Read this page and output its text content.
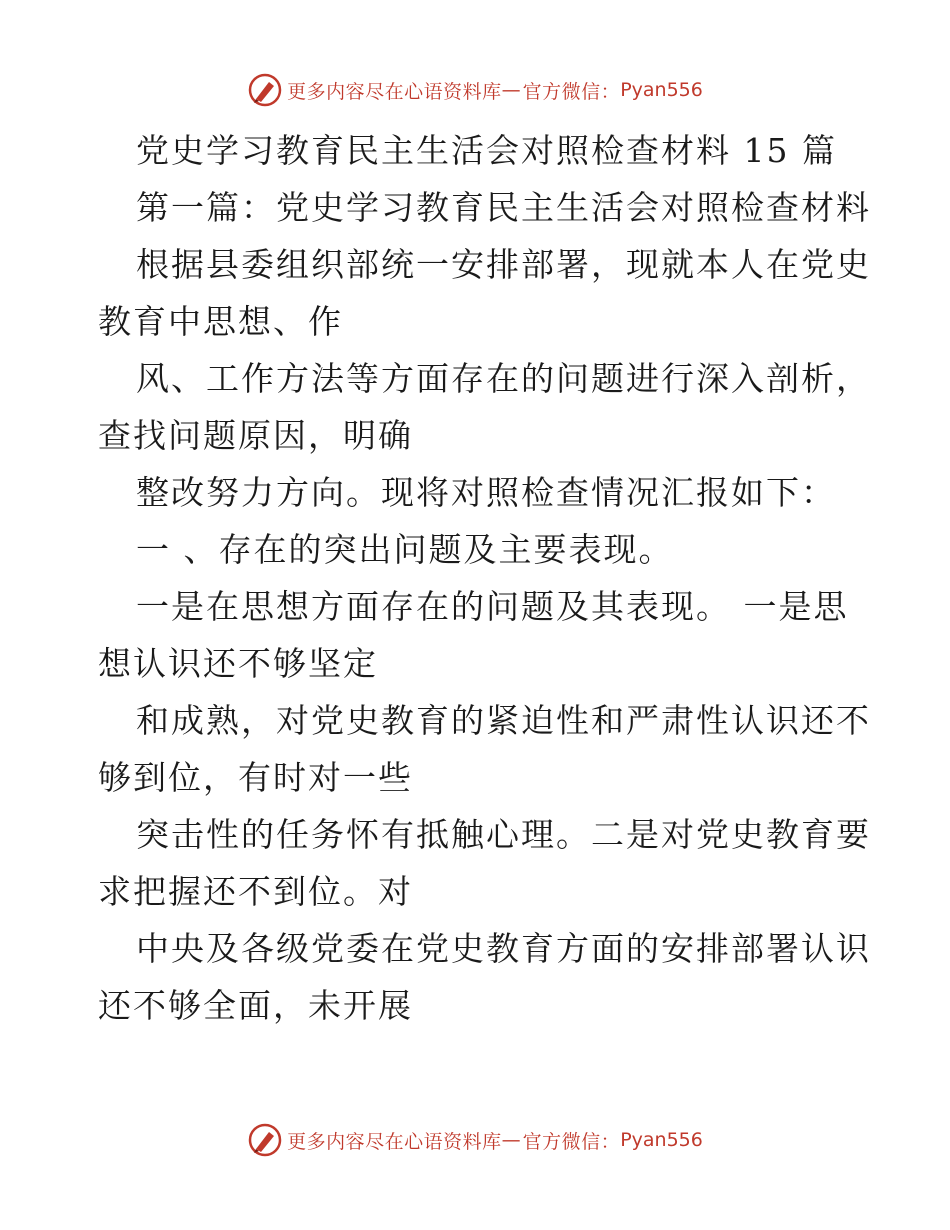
更多内容尽在心语资料库 — 官方微信： Pyan556
党史学习教育民主生活会对照检查材料 15 篇
第一篇：党史学习教育民主生活会对照检查材料
根据县委组织部统一安排部署，现就本人在党史
教育中思想、作
风、工作方法等方面存在的问题进行深入剖析，
查找问题原因，明确
整改努力方向。现将对照检查情况汇报如下：
一 、存在的突出问题及主要表现。
一是在思想方面存在的问题及其表现。 一是思
想认识还不够坚定
和成熟，对党史教育的紧迫性和严肃性认识还不
够到位，有时对一些
突击性的任务怀有抵触心理。二是对党史教育要
求把握还不到位。对
中央及各级党委在党史教育方面的安排部署认识
还不够全面，未开展
更多内容尽在心语资料库 — 官方微信： Pyan556
